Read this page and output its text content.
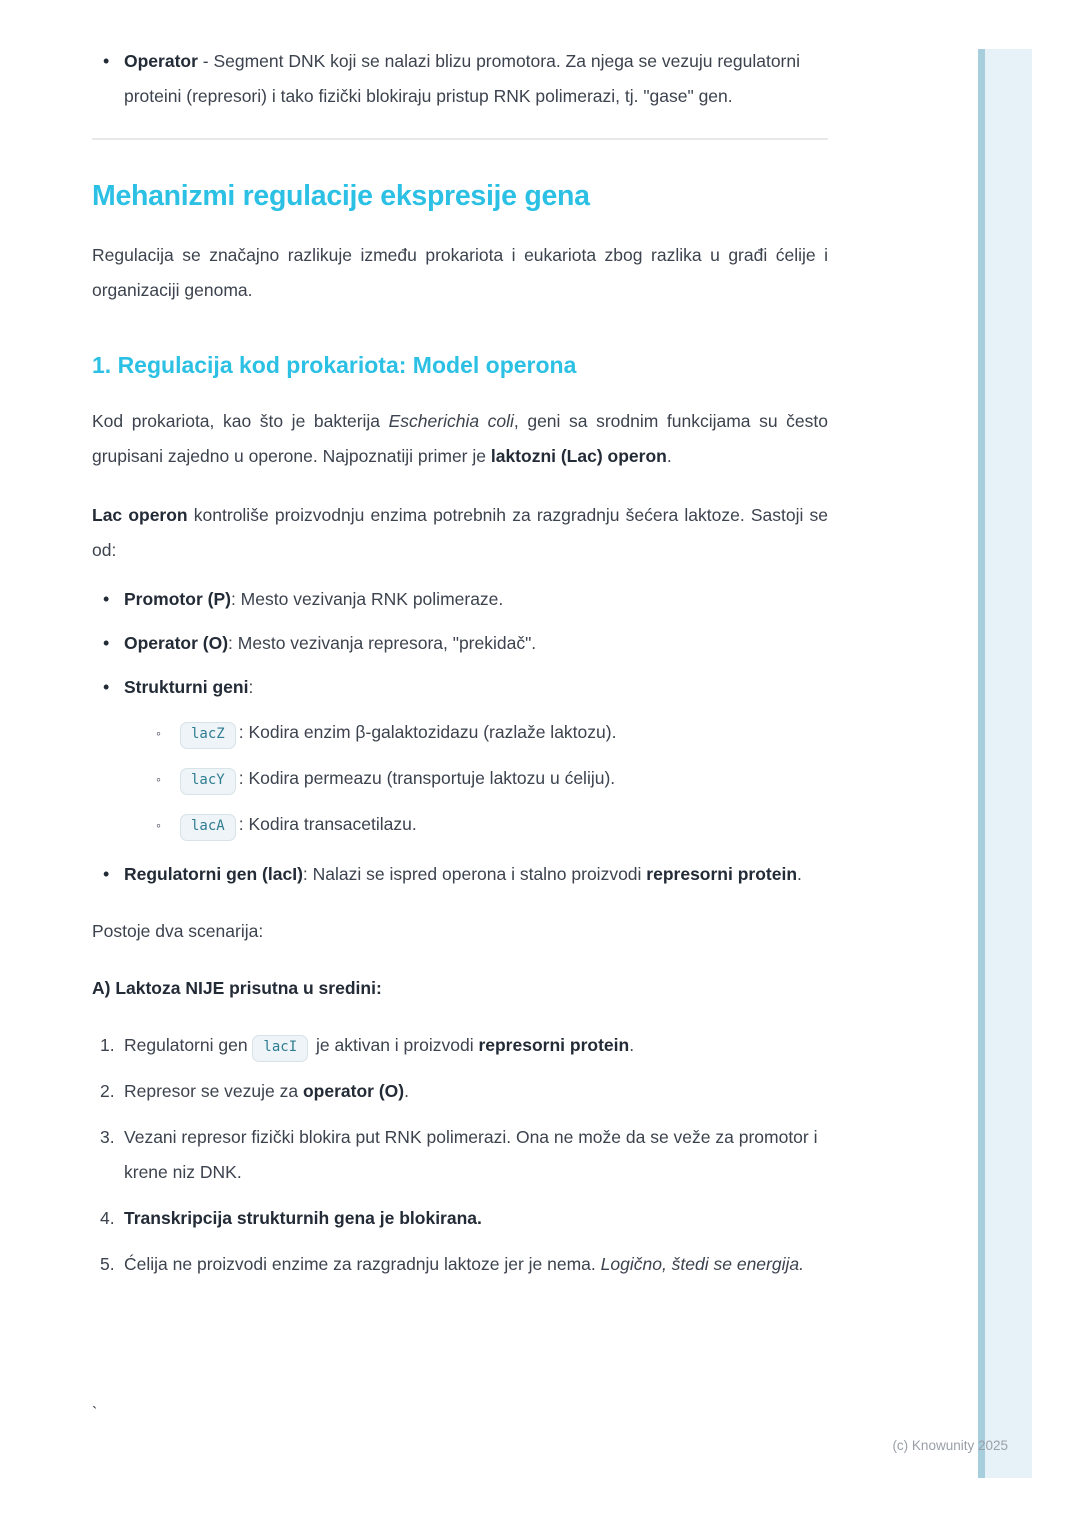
• Operator - Segment DNK koji se nalazi blizu promotora. Za njega se vezuju regulatorni proteini (represori) i tako fizički blokiraju pristup RNK polimerazi, tj. "gase" gen.
Mehanizmi regulacije ekspresije gena

Regulacija se značajno razlikuje između prokariota i eukariota zbog razlika u građi ćelije i organizaciji genoma.

1. Regulacija kod prokariota: Model operona

Kod prokariota, kao što je bakterija Escherichia coli, geni sa srodnim funkcijama su često grupisani zajedno u operone. Najpoznatiji primer je laktozni (Lac) operon.

Lac operon kontroliše proizvodnju enzima potrebnih za razgradnju šećera laktoze. Sastoji se od:

• Promotor (P): Mesto vezivanja RNK polimeraze.
• Operator (O): Mesto vezivanja represora, "prekidač".
• Strukturni geni:
◦	lacZ : Kodira enzim β-galaktozidazu (razlaže laktozu).
◦	lacY : Kodira permeazu (transportuje laktozu u ćeliju).
◦	lacA : Kodira transacetilazu.
• Regulatorni gen (lacI): Nalazi se ispred operona i stalno proizvodi represorni protein.

Postoje dva scenarija:

A) Laktoza NIJE prisutna u sredini:

1. Regulatorni gen lacI je aktivan i proizvodi represorni protein.
2. Represor se vezuje za operator (O).
3. Vezani represor fizički blokira put RNK polimerazi. Ona ne može da se veže za promotor i krene niz DNK.
4. Transkripcija strukturnih gena je blokirana.
5. Ćelija ne proizvodi enzime za razgradnju laktoze jer je nema. Logično, štedi se energija.
`
(c) Knowunity 2025
